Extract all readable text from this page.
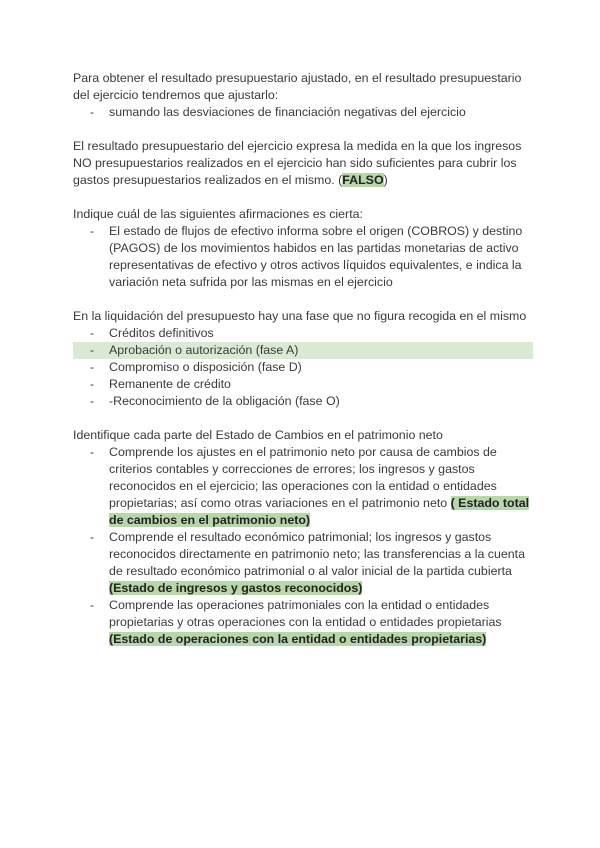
Para obtener el resultado presupuestario ajustado, en el resultado presupuestario del ejercicio tendremos que ajustarlo:

- sumando las desviaciones de financiación negativas del ejercicio

El resultado presupuestario del ejercicio expresa la medida en la que los ingresos NO presupuestarios realizados en el ejercicio han sido suficientes para cubrir los gastos presupuestarios realizados en el mismo. (FALSO)

Indique cuál de las siguientes afirmaciones es cierta:

- El estado de flujos de efectivo informa sobre el origen (COBROS) y destino (PAGOS) de los movimientos habidos en las partidas monetarias de activo representativas de efectivo y otros activos líquidos equivalentes, e indica la variación neta sufrida por las mismas en el ejercicio

En la liquidación del presupuesto hay una fase que no figura recogida en el mismo

- Créditos definitivos
- Aprobación o autorización (fase A)
- Compromiso o disposición (fase D)
- Remanente de crédito
- -Reconocimiento de la obligación (fase O)

Identifique cada parte del Estado de Cambios en el patrimonio neto

- Comprende los ajustes en el patrimonio neto por causa de cambios de criterios contables y correcciones de errores; los ingresos y gastos reconocidos en el ejercicio; las operaciones con la entidad o entidades propietarias; así como otras variaciones en el patrimonio neto ( Estado total de cambios en el patrimonio neto)
- Comprende el resultado económico patrimonial; los ingresos y gastos reconocidos directamente en patrimonio neto; las transferencias a la cuenta de resultado económico patrimonial o al valor inicial de la partida cubierta (Estado de ingresos y gastos reconocidos)
- Comprende las operaciones patrimoniales con la entidad o entidades propietarias y otras operaciones con la entidad o entidades propietarias (Estado de operaciones con la entidad o entidades propietarias)
